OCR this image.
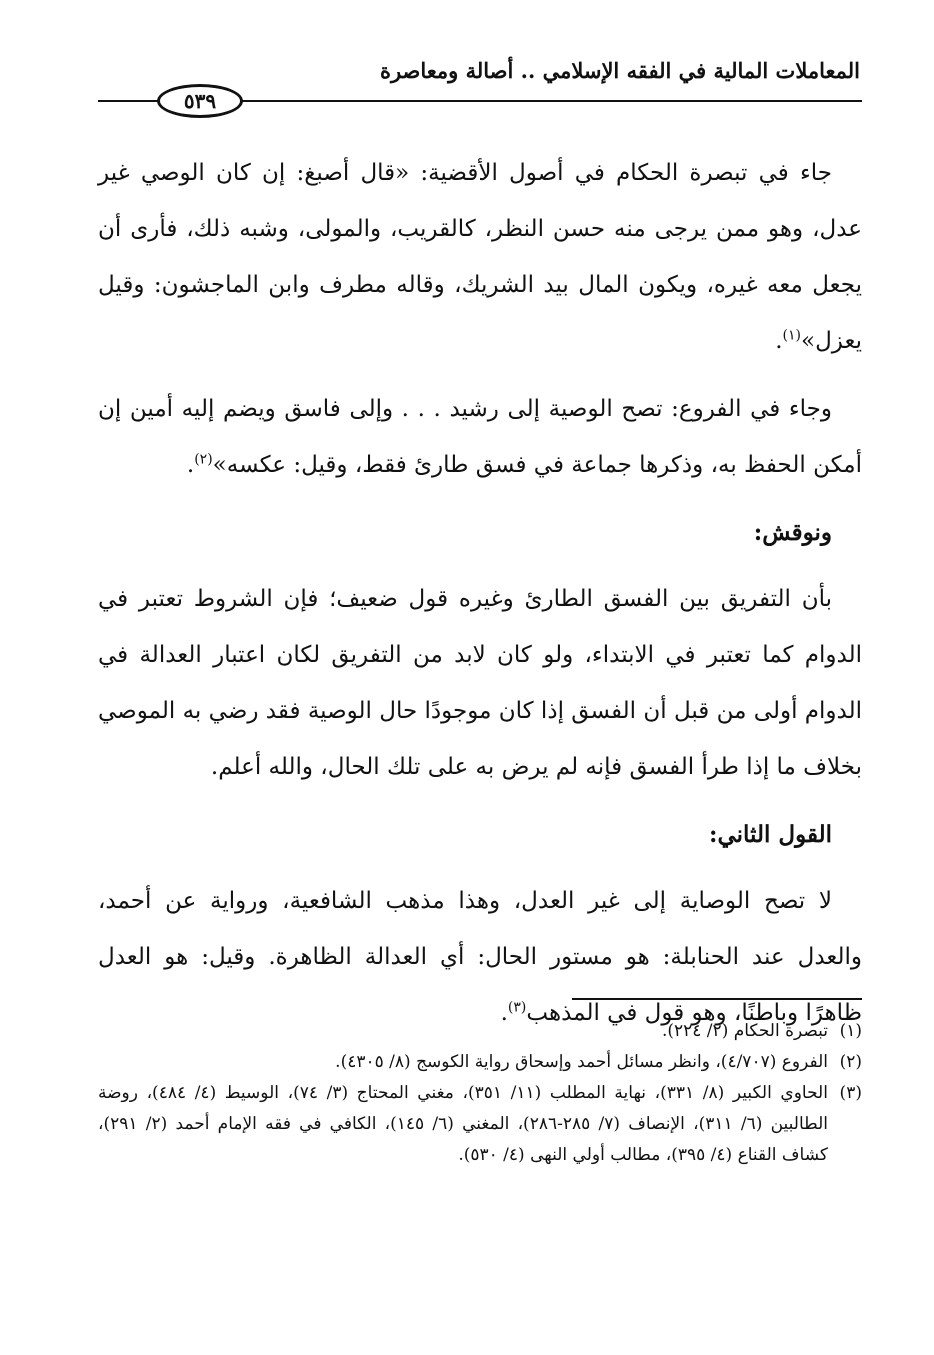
المعاملات المالية في الفقه الإسلامي .. أصالة ومعاصرة
٥٣٩

جاء في تبصرة الحكام في أصول الأقضية: «قال أصبغ: إن كان الوصي غير عدل، وهو ممن يرجى منه حسن النظر، كالقريب، والمولى، وشبه ذلك، فأرى أن يجعل معه غيره، ويكون المال بيد الشريك، وقاله مطرف وابن الماجشون: وقيل يعزل»$^{(١)}$.

وجاء في الفروع: تصح الوصية إلى رشيد . . . وإلى فاسق ويضم إليه أمين إن أمكن الحفظ به، وذكرها جماعة في فسق طارئ فقط، وقيل: عكسه»$^{(٢)}$.

ونوقش:

بأن التفريق بين الفسق الطارئ وغيره قول ضعيف؛ فإن الشروط تعتبر في الدوام كما تعتبر في الابتداء، ولو كان لابد من التفريق لكان اعتبار العدالة في الدوام أولى من قبل أن الفسق إذا كان موجودًا حال الوصية فقد رضي به الموصي بخلاف ما إذا طرأ الفسق فإنه لم يرض به على تلك الحال، والله أعلم.

القول الثاني:

لا تصح الوصاية إلى غير العدل، وهذا مذهب الشافعية، ورواية عن أحمد، والعدل عند الحنابلة: هو مستور الحال: أي العدالة الظاهرة. وقيل: هو العدل ظاهرًا وباطنًا، وهو قول في المذهب$^{(٣)}$.

(١)تبصرة الحكام (٢/ ٢٢٤).

(٢)الفروع (٤/٧٠٧)، وانظر مسائل أحمد وإسحاق رواية الكوسج (٨/ ٤٣٠٥).

(٣)الحاوي الكبير (٨/ ٣٣١)، نهاية المطلب (١١/ ٣٥١)، مغني المحتاج (٣/ ٧٤)، الوسيط (٤/ ٤٨٤)، روضة الطالبين (٦/ ٣١١)، الإنصاف (٧/ ٢٨٥-٢٨٦)، المغني (٦/ ١٤٥)، الكافي في فقه الإمام أحمد (٢/ ٢٩١)، كشاف القناع (٤/ ٣٩٥)، مطالب أولي النهى (٤/ ٥٣٠).
